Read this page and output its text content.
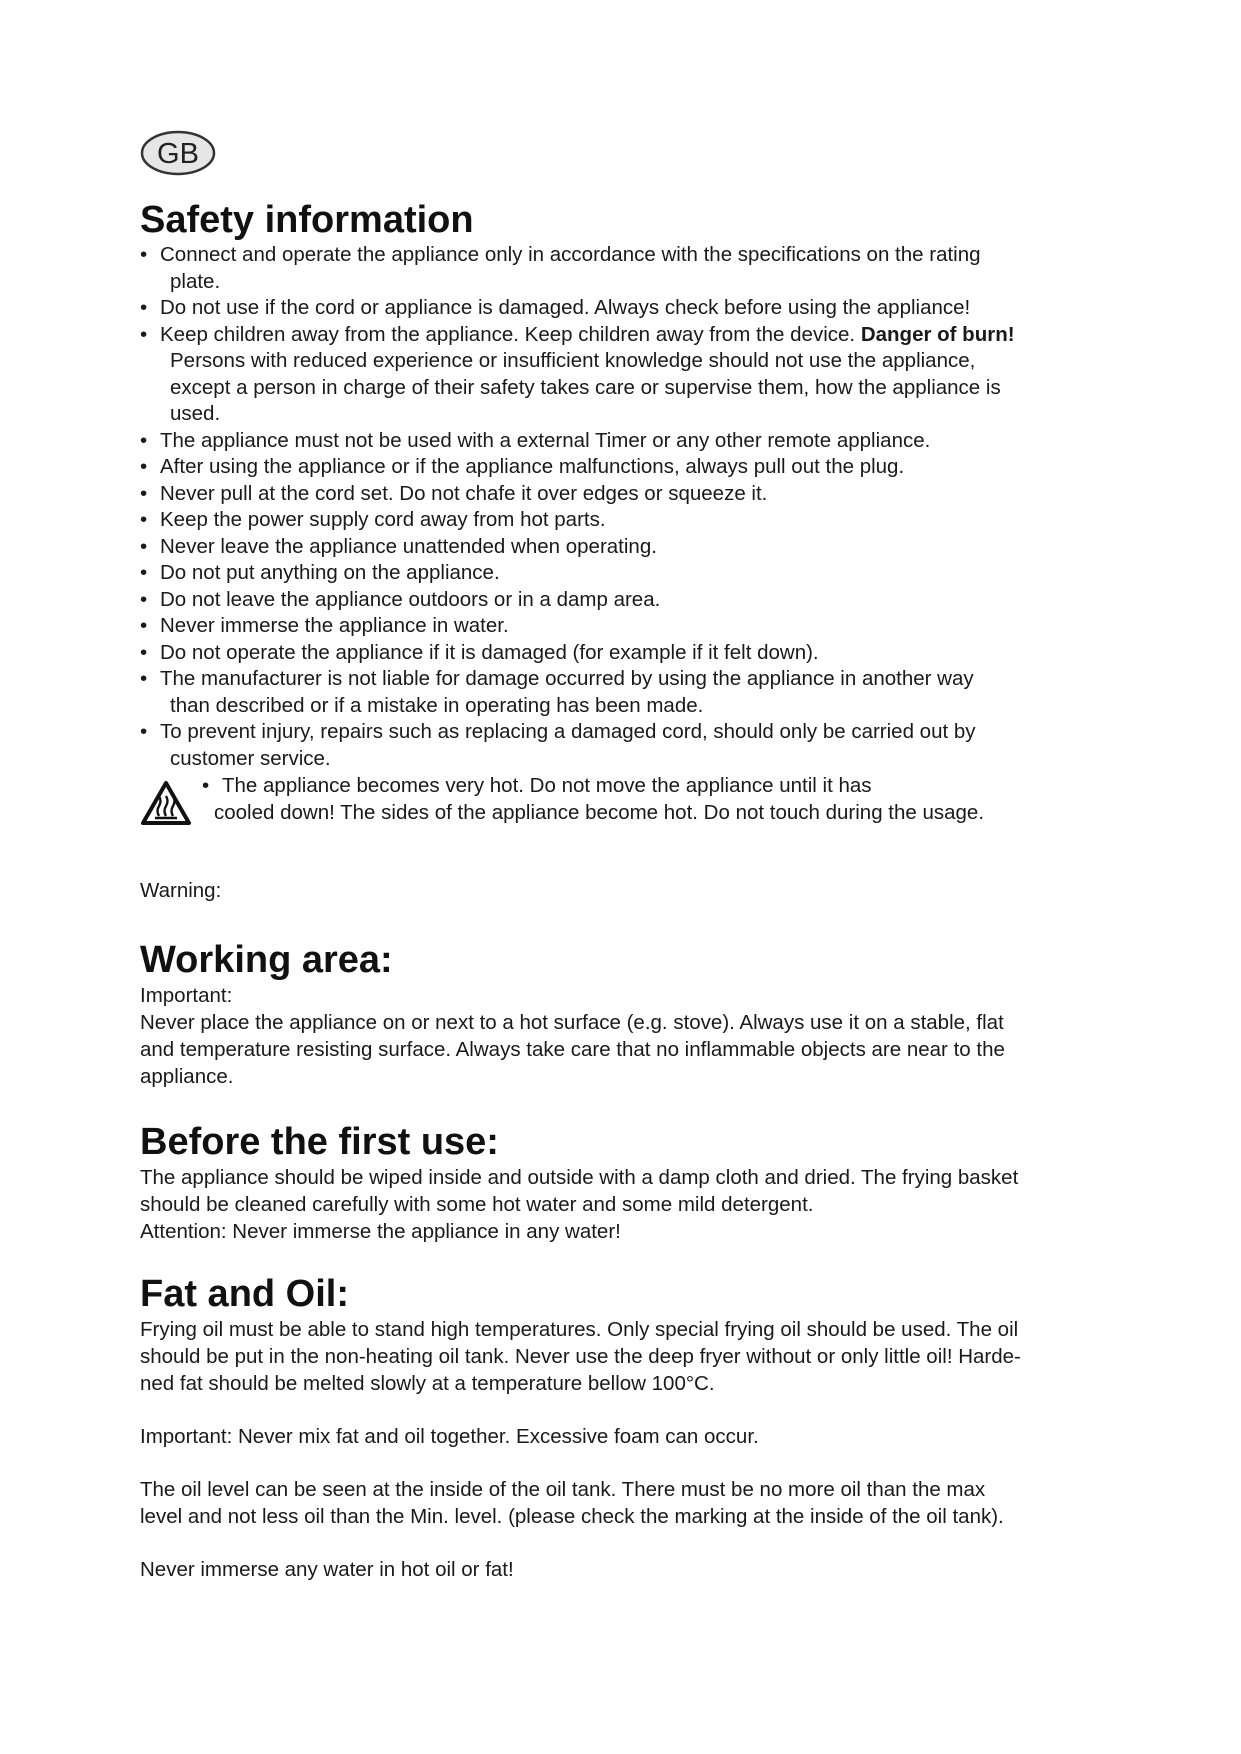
GB
Safety information
• Connect and operate the appliance only in accordance with the specifications on the rating
plate.
• Do not use if the cord or appliance is damaged. Always check before using the appliance!
• Keep children away from the appliance. Keep children away from the device. Danger of burn!
Persons with reduced experience or insufficient knowledge should not use the appliance,
except a person in charge of their safety takes care or supervise them, how the appliance is
used.
• The appliance must not be used with a external Timer or any other remote appliance.
• After using the appliance or if the appliance malfunctions, always pull out the plug.
• Never pull at the cord set. Do not chafe it over edges or squeeze it.
• Keep the power supply cord away from hot parts.
• Never leave the appliance unattended when operating.
• Do not put anything on the appliance.
• Do not leave the appliance outdoors or in a damp area.
• Never immerse the appliance in water.
• Do not operate the appliance if it is damaged (for example if it felt down).
• The manufacturer is not liable for damage occurred by using the appliance in another way
than described or if a mistake in operating has been made.
• To prevent injury, repairs such as replacing a damaged cord, should only be carried out by
customer service.
• The appliance becomes very hot. Do not move the appliance until it has
cooled down! The sides of the appliance become hot. Do not touch during the usage.

Warning:

Working area:

Important:

Never place the appliance on or next to a hot surface (e.g. stove). Always use it on a stable, flat

and temperature resisting surface. Always take care that no inflammable objects are near to the

appliance.

Before the first use:

The appliance should be wiped inside and outside with a damp cloth and dried. The frying basket

should be cleaned carefully with some hot water and some mild detergent.

Attention: Never immerse the appliance in any water!

Fat and Oil:

Frying oil must be able to stand high temperatures. Only special frying oil should be used. The oil

should be put in the non-heating oil tank. Never use the deep fryer without or only little oil! Harde-

ned fat should be melted slowly at a temperature bellow 100°C.

Important: Never mix fat and oil together. Excessive foam can occur.

The oil level can be seen at the inside of the oil tank. There must be no more oil than the max

level and not less oil than the Min. level. (please check the marking at the inside of the oil tank).

Never immerse any water in hot oil or fat!
